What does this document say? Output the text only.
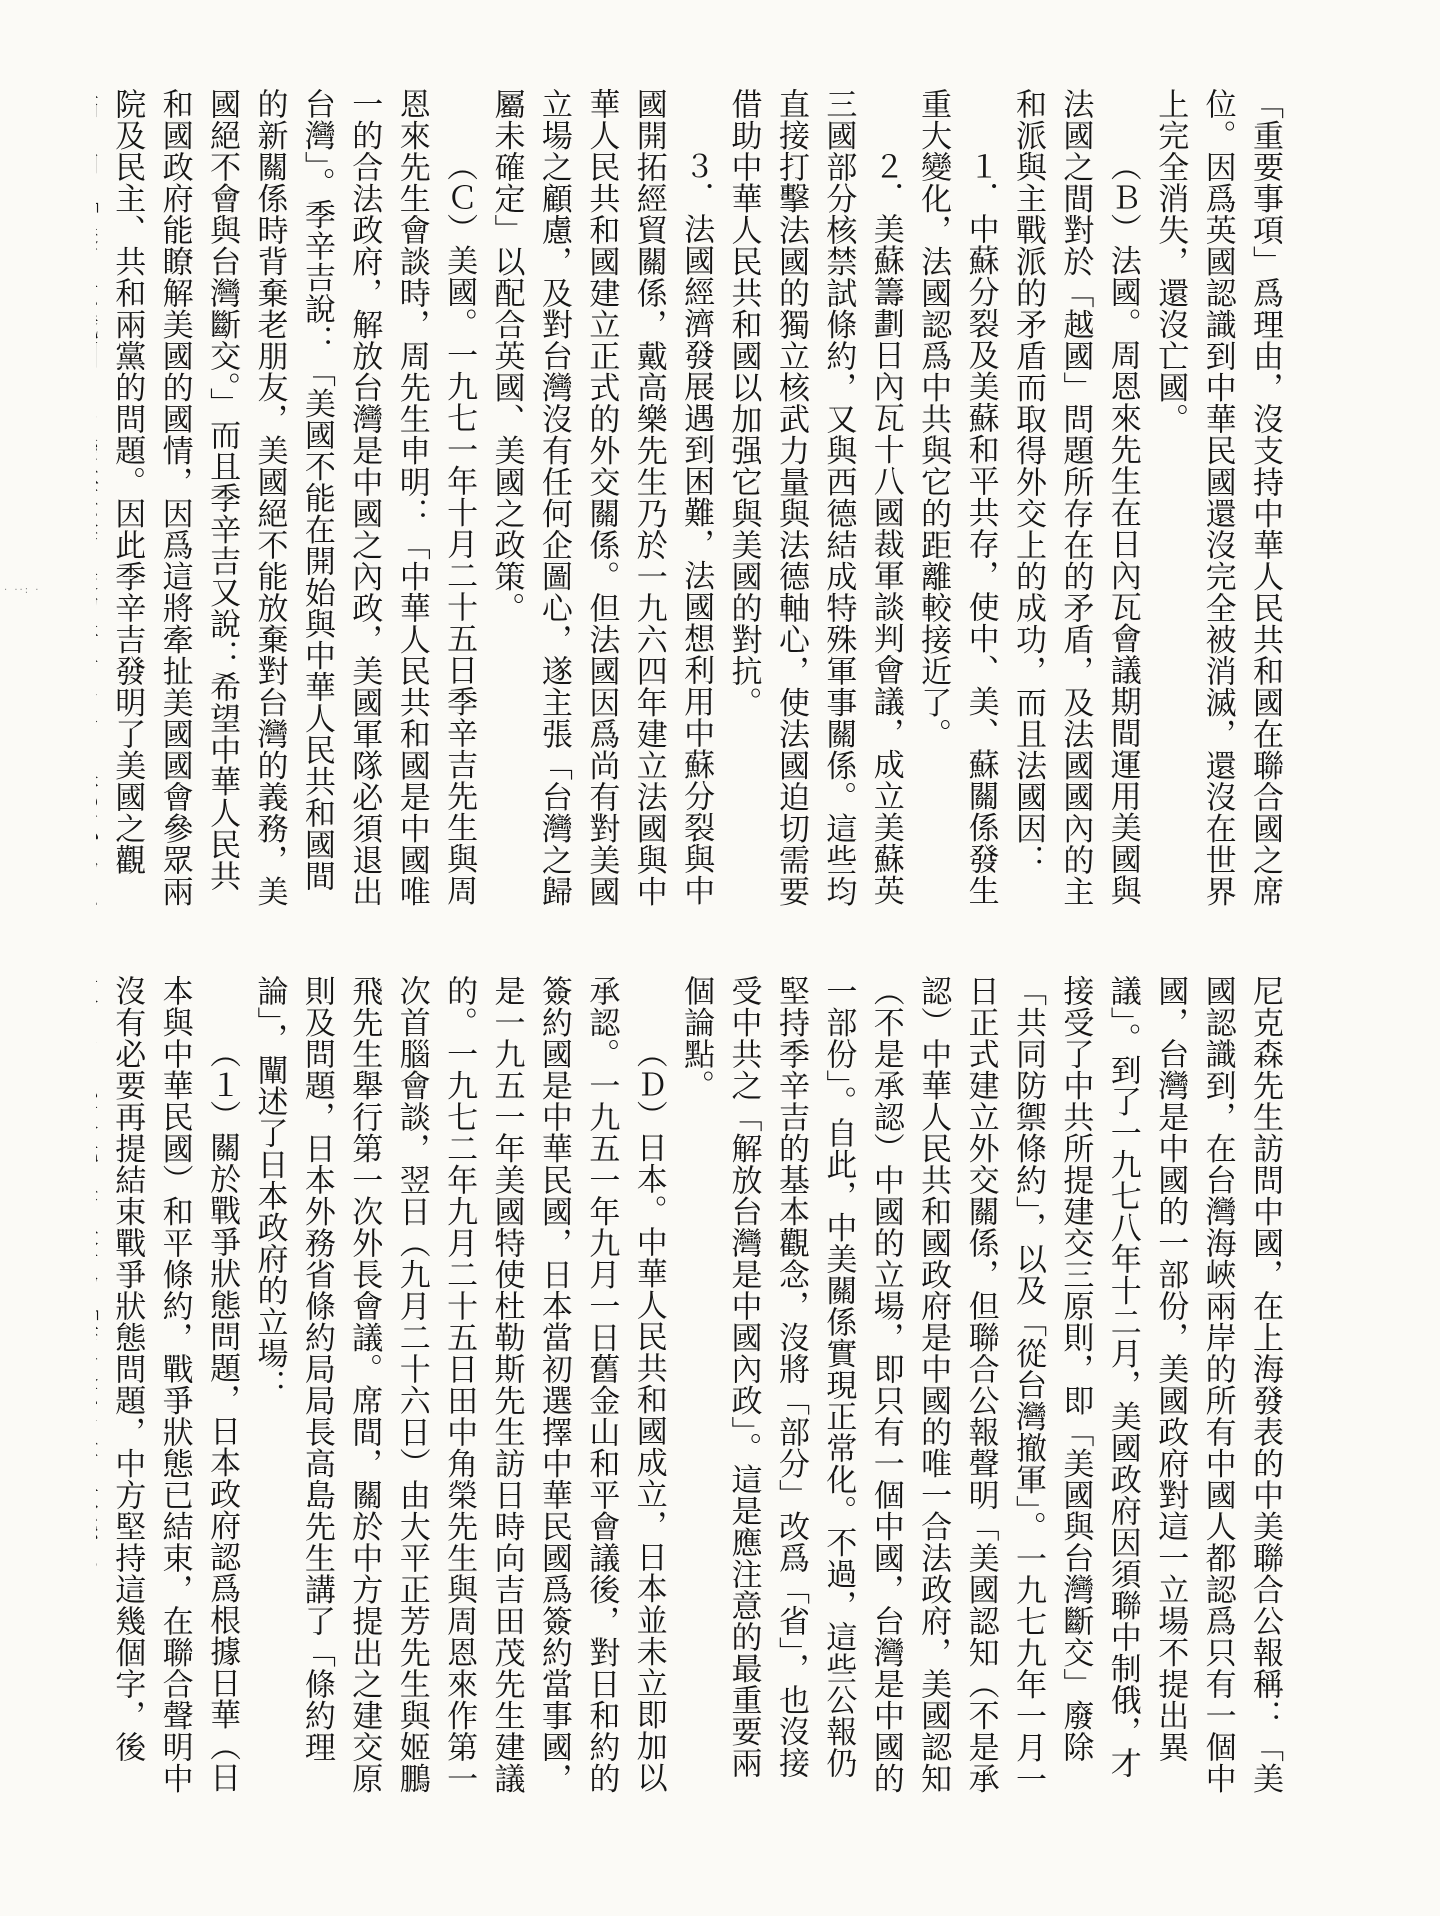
· ··: ·	「重要事項」爲理由，沒支持中華人民共和國在聯合國之席位。因爲英國認識到中華民國還沒完全被消滅，還沒在世界上完全消失，還沒亡國。

（Ｂ）法國。周恩來先生在日內瓦會議期間運用美國與法國之間對於「越國」問題所存在的矛盾，及法國國內的主和派與主戰派的矛盾而取得外交上的成功，而且法國因：

１．中蘇分裂及美蘇和平共存，使中、美、蘇關係發生重大變化，法國認爲中共與它的距離較接近了。

２．美蘇籌劃日內瓦十八國裁軍談判會議，成立美蘇英三國部分核禁試條約，又與西德結成特殊軍事關係。這些均直接打擊法國的獨立核武力量與法德軸心，使法國迫切需要借助中華人民共和國以加强它與美國的對抗。

３．法國經濟發展遇到困難，法國想利用中蘇分裂與中國開拓經貿關係，戴高樂先生乃於一九六四年建立法國與中華人民共和國建立正式的外交關係。但法國因爲尚有對美國立場之顧慮，及對台灣沒有任何企圖心，遂主張「台灣之歸屬未確定」以配合英國、美國之政策。

（Ｃ）美國。一九七一年十月二十五日季辛吉先生與周恩來先生會談時，周先生申明：「中華人民共和國是中國唯一的合法政府，解放台灣是中國之內政，美國軍隊必須退出台灣」。季辛吉說：「美國不能在開始與中華人民共和國間的新關係時背棄老朋友，美國絕不能放棄對台灣的義務，美國絕不會與台灣斷交。」而且季辛吉又說：希望中華人民共和國政府能瞭解美國的國情，因爲這將牽扯美國國會參眾兩院及民主、共和兩黨的問題。因此季辛吉發明了美國之觀

尼克森先生訪問中國，在上海發表的中美聯合公報稱：「美國認識到，在台灣海峽兩岸的所有中國人都認爲只有一個中國，台灣是中國的一部份，美國政府對這一立場不提出異議」。到了一九七八年十二月，美國政府因須聯中制俄，才接受了中共所提建交三原則，即「美國與台灣斷交」廢除「共同防禦條約」，以及「從台灣撤軍」。一九七九年一月一日正式建立外交關係，但聯合公報聲明「美國認知（不是承認）中華人民共和國政府是中國的唯一合法政府，美國認知（不是承認）中國的立場，即只有一個中國，台灣是中國的一部份」。自此，中美關係實現正常化。不過，這些公報仍堅持季辛吉的基本觀念，沒將「部分」改爲「省」，也沒接受中共之「解放台灣是中國內政」。這是應注意的最重要兩個論點。

（Ｄ）日本。中華人民共和國成立，日本並未立即加以承認。一九五一年九月一日舊金山和平會議後，對日和約的簽約國是中華民國，日本當初選擇中華民國爲簽約當事國，是一九五一年美國特使杜勒斯先生訪日時向吉田茂先生建議的。一九七二年九月二十五日田中角榮先生與周恩來作第一次首腦會談，翌日（九月二十六日）由大平正芳先生與姬鵬飛先生舉行第一次外長會議。席間，關於中方提出之建交原則及問題，日本外務省條約局局長高島先生講了「條約理論」，闡述了日本政府的立場：

（１）關於戰爭狀態問題，日本政府認爲根據日華（日本與中華民國）和平條約，戰爭狀態已結束，在聯合聲明中沒有必要再提結束戰爭狀態問題，中方堅持這幾個字，後
